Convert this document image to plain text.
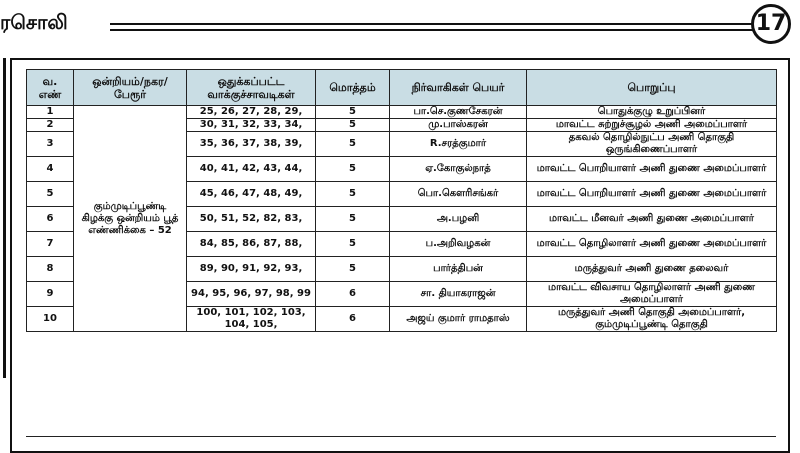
ரசொலி	17
வ. எண்	ஒன்றியம்/நகர/ பேரூர்	ஒதுக்கப்பட்ட வாக்குச்சாவடிகள்	மொத்தம்	நிர்வாகிகள் பெயர்	பொறுப்பு
1	கும்முடிப்பூண்டி கிழக்கு ஒன்றியம் பூத் எண்ணிக்கை – 52	25, 26, 27, 28, 29,	5	பா.செ.குணசேகரன்	பொதுக்குழு உறுப்பினர்
2		30, 31, 32, 33, 34,	5	மு.பாஸ்கரன்	மாவட்ட சுற்றுச்சூழல் அணி அமைப்பாளர்
3		35, 36, 37, 38, 39,	5	R.சரத்குமார்	தகவல் தொழில்நுட்ப அணி தொகுதி ஒருங்கிணைப்பாளர்
4		40, 41, 42, 43, 44,	5	ஏ.கோகுல்நாத்	மாவட்ட பொறியாளர் அணி துணை அமைப்பாளர்
5		45, 46, 47, 48, 49,	5	பொ.கௌரிசங்கர்	மாவட்ட பொறியாளர் அணி துணை அமைப்பாளர்
6		50, 51, 52, 82, 83,	5	அ.பழனி	மாவட்ட மீனவர் அணி துணை அமைப்பாளர்
7		84, 85, 86, 87, 88,	5	ப.அறிவழகன்	மாவட்ட தொழிலாளர் அணி துணை அமைப்பாளர்
8		89, 90, 91, 92, 93,	5	பார்த்திபன்	மருத்துவர் அணி துணை தலைவர்
9		94, 95, 96, 97, 98, 99	6	சா. தியாகராஜன்	மாவட்ட விவசாய தொழிலாளர் அணி துணை அமைப்பாளர்
10		100, 101, 102, 103, 104, 105,	6	அஜய் குமார் ராமதாஸ்	மருத்துவர் அணி தொகுதி அமைப்பாளர், கும்முடிப்பூண்டி தொகுதி
